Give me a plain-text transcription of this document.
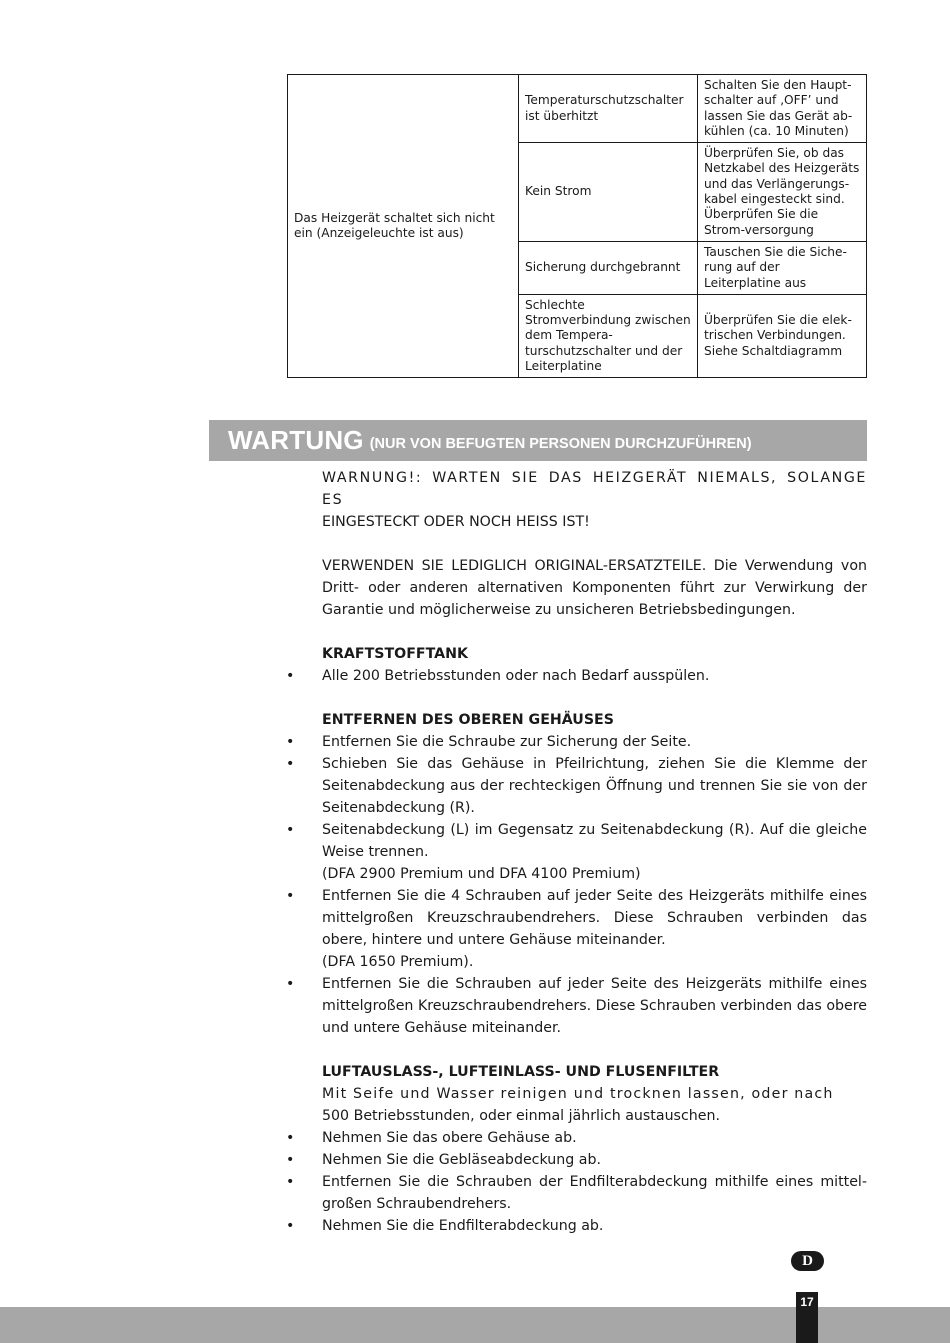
Das Heizgerät schaltet sich nicht ein (Anzeigeleuchte ist aus)	Temperaturschutzschalter ist überhitzt	Schalten Sie den Haupt-schalter auf ‚OFF’ und lassen Sie das Gerät ab-kühlen (ca. 10 Minuten)
	Kein Strom	Überprüfen Sie, ob das Netzkabel des Heizgeräts und das Verlängerungs-kabel eingesteckt sind. Überprüfen Sie die Strom-versorgung
	Sicherung durchgebrannt	Tauschen Sie die Siche-rung auf der Leiterplatine aus
	Schlechte Stromverbindung zwischen dem Tempera-turschutzschalter und der Leiterplatine	Überprüfen Sie die elek-trischen Verbindungen. Siehe Schaltdiagramm
WARTUNG (NUR VON BEFUGTEN PERSONEN DURCHZUFÜHREN)

WARNUNG!: WARTEN SIE DAS HEIZGERÄT NIEMALS, SOLANGE ES
EINGESTECKT ODER NOCH HEISS IST!

VERWENDEN SIE LEDIGLICH ORIGINAL-ERSATZTEILE. Die Verwendung von Dritt- oder anderen alternativen Komponenten führt zur Verwirkung der Garantie und möglicherweise zu unsicheren Betriebsbedingungen.

KRAFTSTOFFTANK
• Alle 200 Betriebsstunden oder nach Bedarf ausspülen.
ENTFERNEN DES OBEREN GEHÄUSES
• Entfernen Sie die Schraube zur Sicherung der Seite.
• Schieben Sie das Gehäuse in Pfeilrichtung, ziehen Sie die Klemme der Seitenabdeckung aus der rechteckigen Öffnung und trennen Sie sie von der Seitenabdeckung (R).
• Seitenabdeckung (L) im Gegensatz zu Seitenabdeckung (R). Auf die gleiche Weise trennen.
(DFA 2900 Premium und DFA 4100 Premium)
• Entfernen Sie die 4 Schrauben auf jeder Seite des Heizgeräts mithilfe eines mittelgroßen Kreuzschraubendrehers. Diese Schrauben verbinden das obere, hintere und untere Gehäuse miteinander.
(DFA 1650 Premium).
• Entfernen Sie die Schrauben auf jeder Seite des Heizgeräts mithilfe eines mittelgroßen Kreuzschraubendrehers. Diese Schrauben verbinden das obere und untere Gehäuse miteinander.
LUFTAUSLASS-, LUFTEINLASS- UND FLUSENFILTER

Mit Seife und Wasser reinigen und trocknen lassen, oder nach
500 Betriebsstunden, oder einmal jährlich austauschen.

• Nehmen Sie das obere Gehäuse ab.
• Nehmen Sie die Gebläseabdeckung ab.
• Entfernen Sie die Schrauben der Endfilterabdeckung mithilfe eines mittel-großen Schraubendrehers.
• Nehmen Sie die Endfilterabdeckung ab.
D
17
